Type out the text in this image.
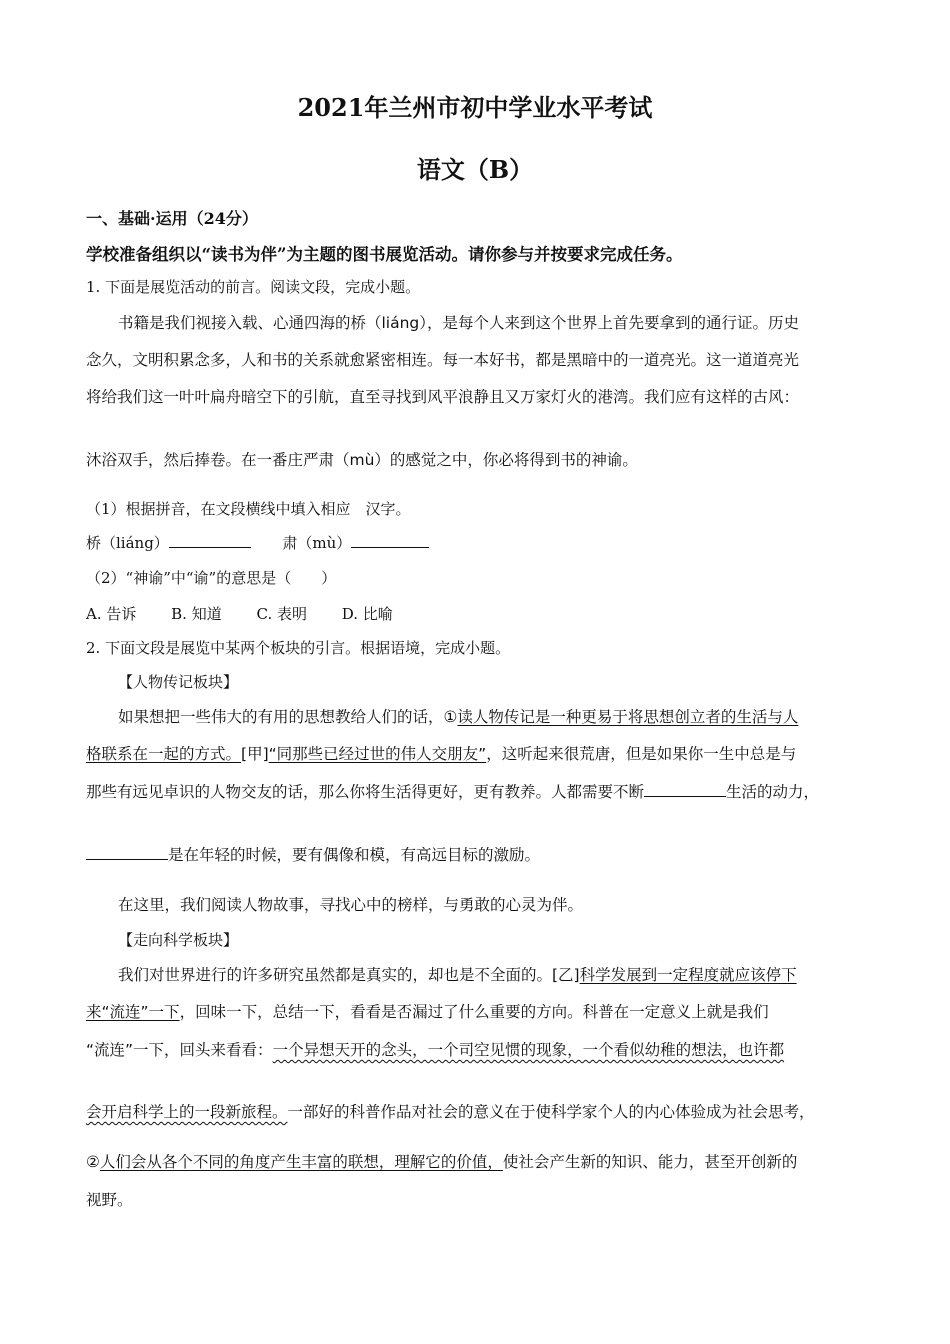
2021年兰州市初中学业水平考试
语文（B）
一、基础·运用（24分）
学校准备组织以“读书为伴”为主题的图书展览活动。请你参与并按要求完成任务。
1. 下面是展览活动的前言。阅读文段，完成小题。
书籍是我们视接入载、心通四海的桥（liáng），是每个人来到这个世界上首先要拿到的通行证。历史
念久，文明积累念多，人和书的关系就愈紧密相连。每一本好书，都是黑暗中的一道亮光。这一道道亮光
将给我们这一叶叶扁舟暗空下的引航，直至寻找到风平浪静且又万家灯火的港湾。我们应有这样的古风：
沐浴双手，然后捧卷。在一番庄严肃（mù）的感觉之中，你必将得到书的神谕。
（1）根据拼音，在文段横线中填入相应　汉字。
桥（liáng）	肃（mù）
（2）“神谕”中“谕”的意思是（　　）
A. 告诉 B. 知道 C. 表明 D. 比喻
2. 下面文段是展览中某两个板块的引言。根据语境，完成小题。
【人物传记板块】
如果想把一些伟大的有用的思想教给人们的话，①读人物传记是一种更易于将思想创立者的生活与人
格联系在一起的方式。[甲]“同那些已经过世的伟人交朋友”，这听起来很荒唐，但是如果你一生中总是与
那些有远见卓识的人物交友的话，那么你将生活得更好，更有教养。人都需要不断	生活的动力，
是在年轻的时候，要有偶像和模，有高远目标的激励。
在这里，我们阅读人物故事，寻找心中的榜样，与勇敢的心灵为伴。
【走向科学板块】
我们对世界进行的许多研究虽然都是真实的，却也是不全面的。[乙]科学发展到一定程度就应该停下
来“流连”一下，回味一下，总结一下，看看是否漏过了什么重要的方向。科普在一定意义上就是我们
“流连”一下，回头来看看：一个异想天开的念头，一个司空见惯的现象，一个看似幼稚的想法，也许都
会开启科学上的一段新旅程。一部好的科普作品对社会的意义在于使科学家个人的内心体验成为社会思考，
②人们会从各个不同的角度产生丰富的联想，理解它的价值，使社会产生新的知识、能力，甚至开创新的
视野。
